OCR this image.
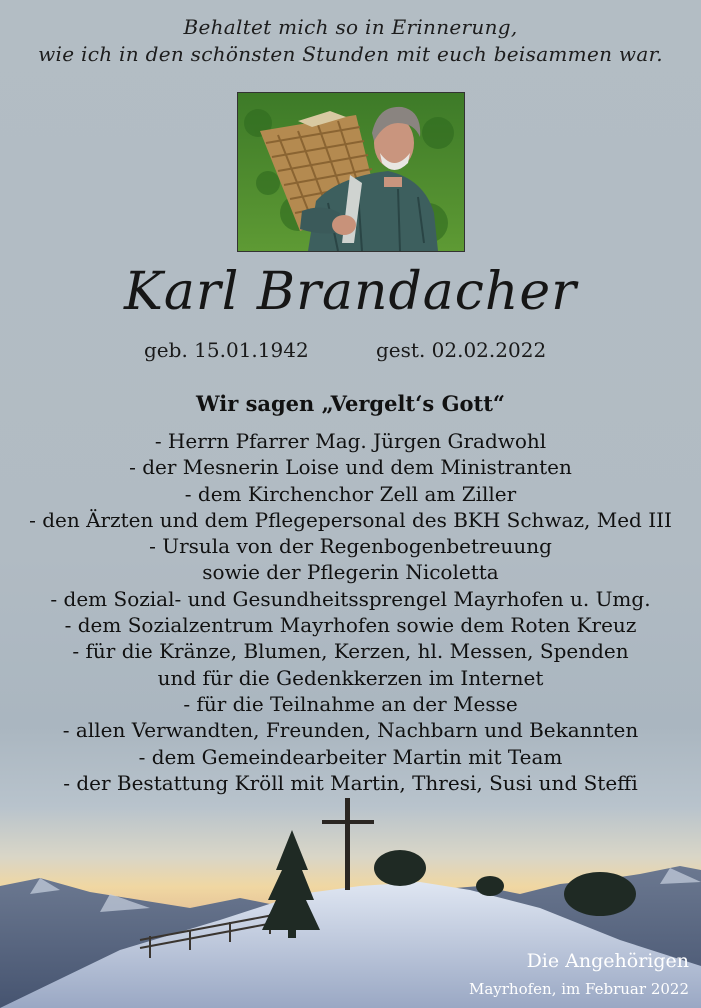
Behaltet mich so in Erinnerung,
wie ich in den schönsten Stunden mit euch beisammen war.
Karl Brandacher
geb. 15.01.1942	gest. 02.02.2022
Wir sagen „Vergelt‘s Gott“
- Herrn Pfarrer Mag. Jürgen Gradwohl
- der Mesnerin Loise und dem Ministranten
- dem Kirchenchor Zell am Ziller
- den Ärzten und dem Pflegepersonal des BKH Schwaz, Med III
- Ursula von der Regenbogenbetreuung
sowie der Pflegerin Nicoletta
- dem Sozial- und Gesundheitssprengel Mayrhofen u. Umg.
- dem Sozialzentrum Mayrhofen sowie dem Roten Kreuz
- für die Kränze, Blumen, Kerzen, hl. Messen, Spenden
und für die Gedenkkerzen im Internet
- für die Teilnahme an der Messe
- allen Verwandten, Freunden, Nachbarn und Bekannten
- dem Gemeindearbeiter Martin mit Team
- der Bestattung Kröll mit Martin, Thresi, Susi und Steffi
Die Angehörigen
Mayrhofen, im Februar 2022
